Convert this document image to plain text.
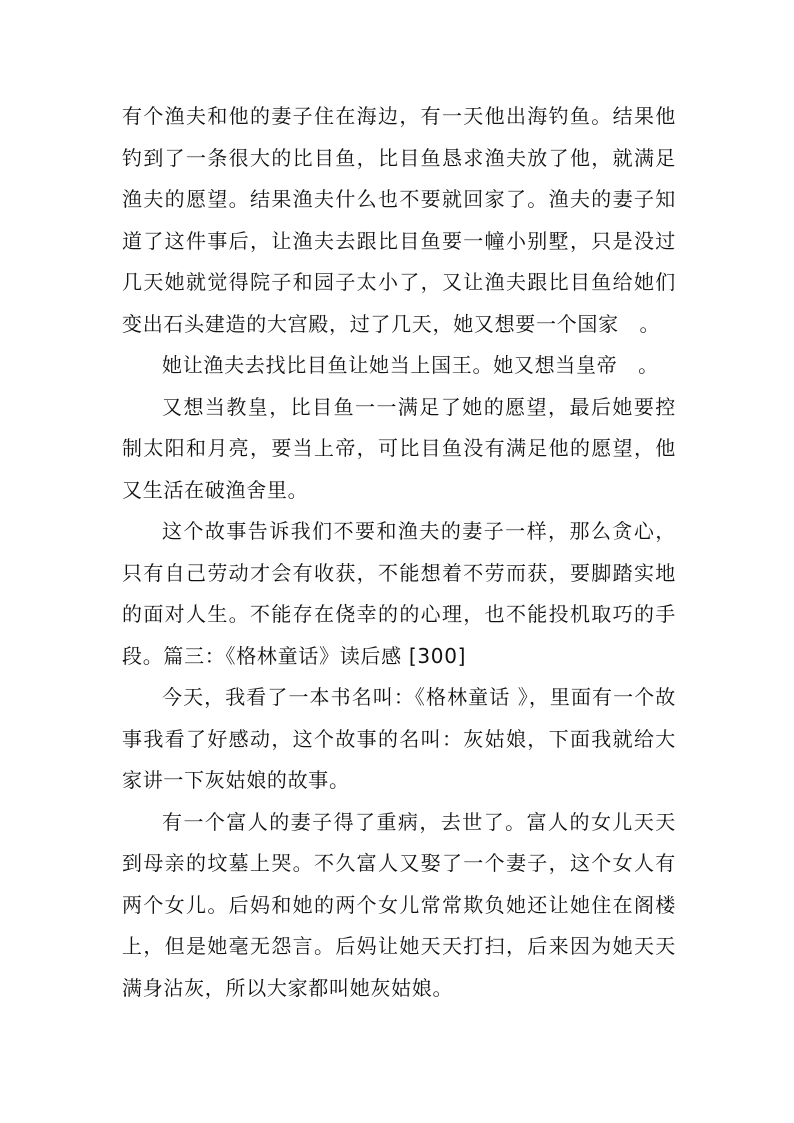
有个渔夫和他的妻子住在海边，有一天他出海钓鱼。结果他钓到了一条很大的比目鱼，比目鱼恳求渔夫放了他，就满足渔夫的愿望。结果渔夫什么也不要就回家了。渔夫的妻子知道了这件事后，让渔夫去跟比目鱼要一幢小别墅，只是没过几天她就觉得院子和园子太小了，又让渔夫跟比目鱼给她们变出石头建造的大宫殿，过了几天，她又想要一个国家　。

她让渔夫去找比目鱼让她当上国王。她又想当皇帝　。

又想当教皇，比目鱼一一满足了她的愿望，最后她要控制太阳和月亮，要当上帝，可比目鱼没有满足他的愿望，他又生活在破渔舍里。

这个故事告诉我们不要和渔夫的妻子一样，那么贪心，只有自己劳动才会有收获，不能想着不劳而获，要脚踏实地的面对人生。不能存在侥幸的的心理，也不能投机取巧的手段。篇三：《格林童话》读后感 [300]

今天，我看了一本书名叫：《格林童话 》，里面有一个故事我看了好感动，这个故事的名叫：灰姑娘，下面我就给大家讲一下灰姑娘的故事。

有一个富人的妻子得了重病，去世了。富人的女儿天天到母亲的坟墓上哭。不久富人又娶了一个妻子，这个女人有两个女儿。后妈和她的两个女儿常常欺负她还让她住在阁楼上，但是她毫无怨言。后妈让她天天打扫，后来因为她天天满身沾灰，所以大家都叫她灰姑娘。
